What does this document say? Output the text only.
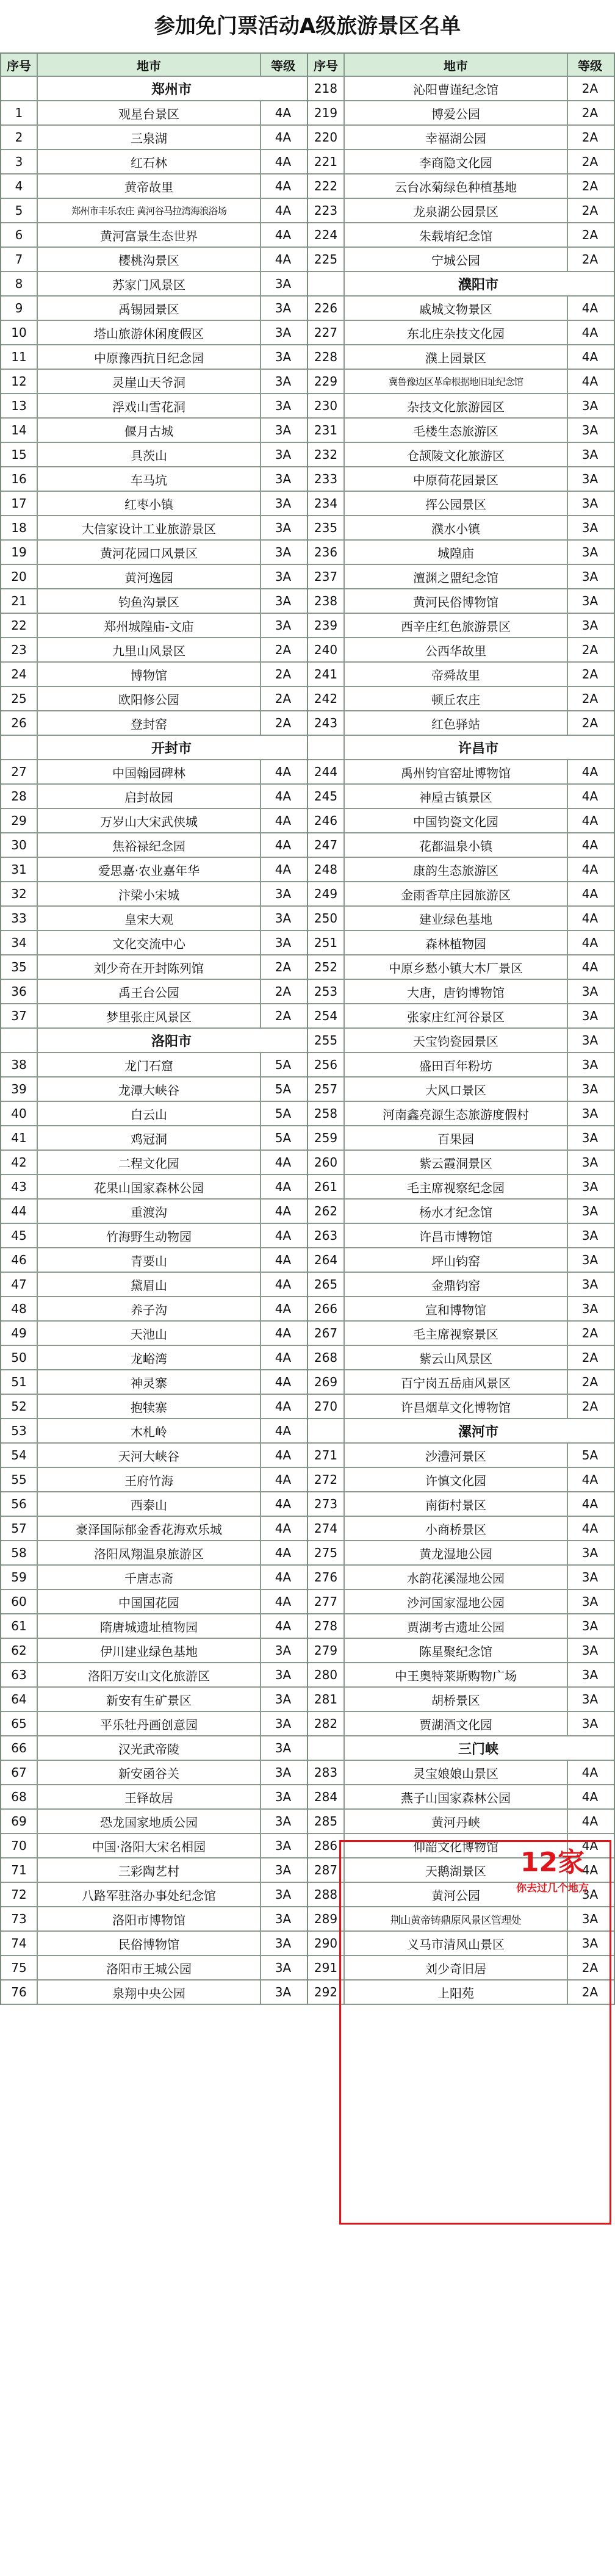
参加免门票活动A级旅游景区名单
序号	地市	等级
郑州市
1	观星台景区	4A
2	三泉湖	4A
3	红石林	4A
4	黄帝故里	4A
5	郑州市丰乐农庄 黄河谷马拉湾海浪浴场	4A
6	黄河富景生态世界	4A
7	樱桃沟景区	4A
8	苏家门风景区	3A
9	禹锡园景区	3A
10	塔山旅游休闲度假区	3A
11	中原豫西抗日纪念园	3A
12	灵崖山天爷洞	3A
13	浮戏山雪花洞	3A
14	偃月古城	3A
15	具茨山	3A
16	车马坑	3A
17	红枣小镇	3A
18	大信家设计工业旅游景区	3A
19	黄河花园口风景区	3A
20	黄河逸园	3A
21	钧鱼沟景区	3A
22	郑州城隍庙-文庙	3A
23	九里山风景区	2A
24	博物馆	2A
25	欧阳修公园	2A
26	登封窑	2A
开封市
27	中国翰园碑林	4A
28	启封故园	4A
29	万岁山大宋武侠城	4A
30	焦裕禄纪念园	4A
31	爱思嘉·农业嘉年华	4A
32	汴梁小宋城	3A
33	皇宋大观	3A
34	文化交流中心	3A
35	刘少奇在开封陈列馆	2A
36	禹王台公园	2A
37	梦里张庄风景区	2A
洛阳市
38	龙门石窟	5A
39	龙潭大峡谷	5A
40	白云山	5A
41	鸡冠洞	5A
42	二程文化园	4A
43	花果山国家森林公园	4A
44	重渡沟	4A
45	竹海野生动物园	4A
46	青要山	4A
47	黛眉山	4A
48	养子沟	4A
49	天池山	4A
50	龙峪湾	4A
51	神灵寨	4A
52	抱犊寨	4A
53	木札岭	4A
54	天河大峡谷	4A
55	王府竹海	4A
56	西泰山	4A
57	豪泽国际郁金香花海欢乐城	4A
58	洛阳凤翔温泉旅游区	4A
59	千唐志斋	4A
60	中国国花园	4A
61	隋唐城遗址植物园	4A
62	伊川建业绿色基地	3A
63	洛阳万安山文化旅游区	3A
64	新安有生矿景区	3A
65	平乐牡丹画创意园	3A
66	汉光武帝陵	3A
67	新安函谷关	3A
68	王铎故居	3A
69	恐龙国家地质公园	3A
70	中国·洛阳大宋名相园	3A
71	三彩陶艺村	3A
72	八路军驻洛办事处纪念馆	3A
73	洛阳市博物馆	3A
74	民俗博物馆	3A
75	洛阳市王城公园	3A
76	泉翔中央公园	3A
序号	地市	等级
218	沁阳曹谨纪念馆	2A
219	博爱公园	2A
220	幸福湖公园	2A
221	李商隐文化园	2A
222	云台冰菊绿色种植基地	2A
223	龙泉湖公园景区	2A
224	朱载堉纪念馆	2A
225	宁城公园	2A
濮阳市
226	戚城文物景区	4A
227	东北庄杂技文化园	4A
228	濮上园景区	4A
229	冀鲁豫边区革命根据地旧址纪念馆	4A
230	杂技文化旅游园区	3A
231	毛楼生态旅游区	3A
232	仓颉陵文化旅游区	3A
233	中原荷花园景区	3A
234	挥公园景区	3A
235	濮水小镇	3A
236	城隍庙	3A
237	澶渊之盟纪念馆	3A
238	黄河民俗博物馆	3A
239	西辛庄红色旅游景区	3A
240	公西华故里	2A
241	帝舜故里	2A
242	顿丘农庄	2A
243	红色驿站	2A
许昌市
244	禹州钧官窑址博物馆	4A
245	神垕古镇景区	4A
246	中国钧瓷文化园	4A
247	花都温泉小镇	4A
248	康韵生态旅游区	4A
249	金雨香草庄园旅游区	4A
250	建业绿色基地	4A
251	森林植物园	4A
252	中原乡愁小镇大木厂景区	4A
253	大唐，唐钧博物馆	3A
254	张家庄红河谷景区	3A
255	天宝钧瓷园景区	3A
256	盛田百年粉坊	3A
257	大风口景区	3A
258	河南鑫亮源生态旅游度假村	3A
259	百果园	3A
260	紫云霞洞景区	3A
261	毛主席视察纪念园	3A
262	杨水才纪念馆	3A
263	许昌市博物馆	3A
264	坪山钧窑	3A
265	金鼎钧窑	3A
266	宣和博物馆	3A
267	毛主席视察景区	2A
268	紫云山风景区	2A
269	百宁岗五岳庙风景区	2A
270	许昌烟草文化博物馆	2A
漯河市
271	沙澧河景区	5A
272	许慎文化园	4A
273	南街村景区	4A
274	小商桥景区	4A
275	黄龙湿地公园	3A
276	水韵花溪湿地公园	3A
277	沙河国家湿地公园	3A
278	贾湖考古遗址公园	3A
279	陈星聚纪念馆	3A
280	中王奥特莱斯购物广场	3A
281	胡桥景区	3A
282	贾湖酒文化园	3A
三门峡
283	灵宝娘娘山景区	4A
284	燕子山国家森林公园	4A
285	黄河丹峡	4A
286	仰韶文化博物馆	4A
287	天鹅湖景区	4A
288	黄河公园	3A
289	荆山黄帝铸鼎原风景区管理处	3A
290	义马市清风山景区	3A
291	刘少奇旧居	2A
292	上阳苑	2A
12家
你去过几个地方
